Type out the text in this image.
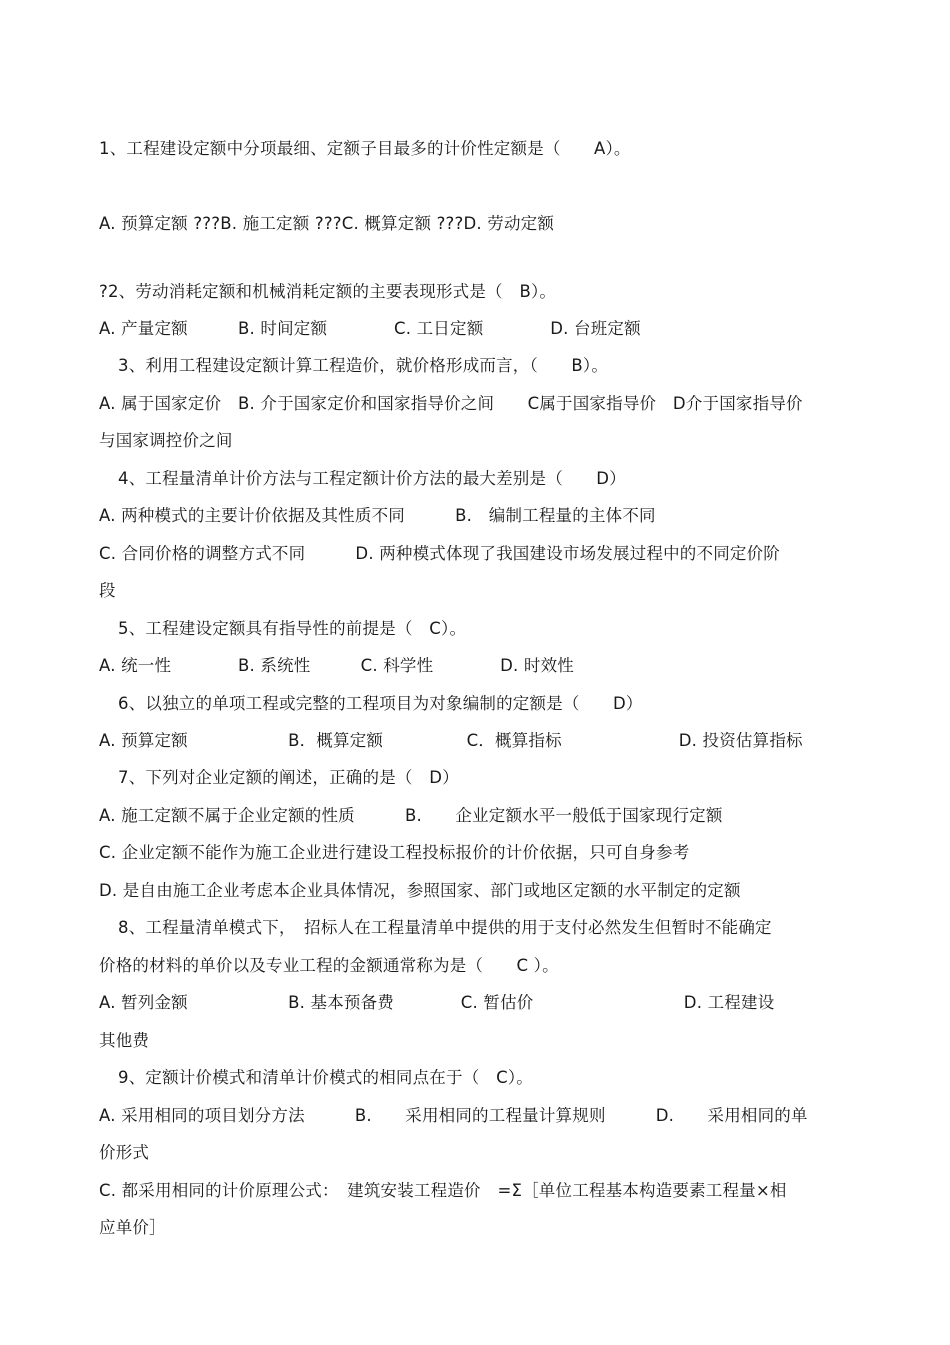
1、工程建设定额中分项最细、定额子目最多的计价性定额是（　　A）。
A. 预算定额 ???B. 施工定额 ???C. 概算定额 ???D. 劳动定额
?2、劳动消耗定额和机械消耗定额的主要表现形式是（　B）。
A. 产量定额　　　B. 时间定额　　　　C. 工日定额　　　　D. 台班定额
3、利用工程建设定额计算工程造价，就价格形成而言，（　　B）。
A. 属于国家定价　B. 介于国家定价和国家指导价之间　　C属于国家指导价　D介于国家指导价
与国家调控价之间
4、工程量清单计价方法与工程定额计价方法的最大差别是（　　D）
A. 两种模式的主要计价依据及其性质不同　　　B.　编制工程量的主体不同
C. 合同价格的调整方式不同　　　D. 两种模式体现了我国建设市场发展过程中的不同定价阶
段
5、工程建设定额具有指导性的前提是（　C）。
A. 统一性　　　　B. 系统性　　　C. 科学性　　　　D. 时效性
6、以独立的单项工程或完整的工程项目为对象编制的定额是（　　D）
A. 预算定额　　　　　　B．概算定额　　　　　C．概算指标　　　　　　　D. 投资估算指标
7、下列对企业定额的阐述，正确的是（　D）
A. 施工定额不属于企业定额的性质　　　B.　　企业定额水平一般低于国家现行定额
C. 企业定额不能作为施工企业进行建设工程投标报价的计价依据，只可自身参考
D. 是自由施工企业考虑本企业具体情况，参照国家、部门或地区定额的水平制定的定额
8、工程量清单模式下，　招标人在工程量清单中提供的用于支付必然发生但暂时不能确定
价格的材料的单价以及专业工程的金额通常称为是（　　C ）。
A. 暂列金额　　　　　　B. 基本预备费　　　　C. 暂估价　　　　　　　　　D. 工程建设
其他费
9、定额计价模式和清单计价模式的相同点在于（　C）。
A. 采用相同的项目划分方法　　　B.　　采用相同的工程量计算规则　　　D.　　采用相同的单
价形式
C. 都采用相同的计价原理公式：　建筑安装工程造价　=Σ［单位工程基本构造要素工程量×相
应单价］
